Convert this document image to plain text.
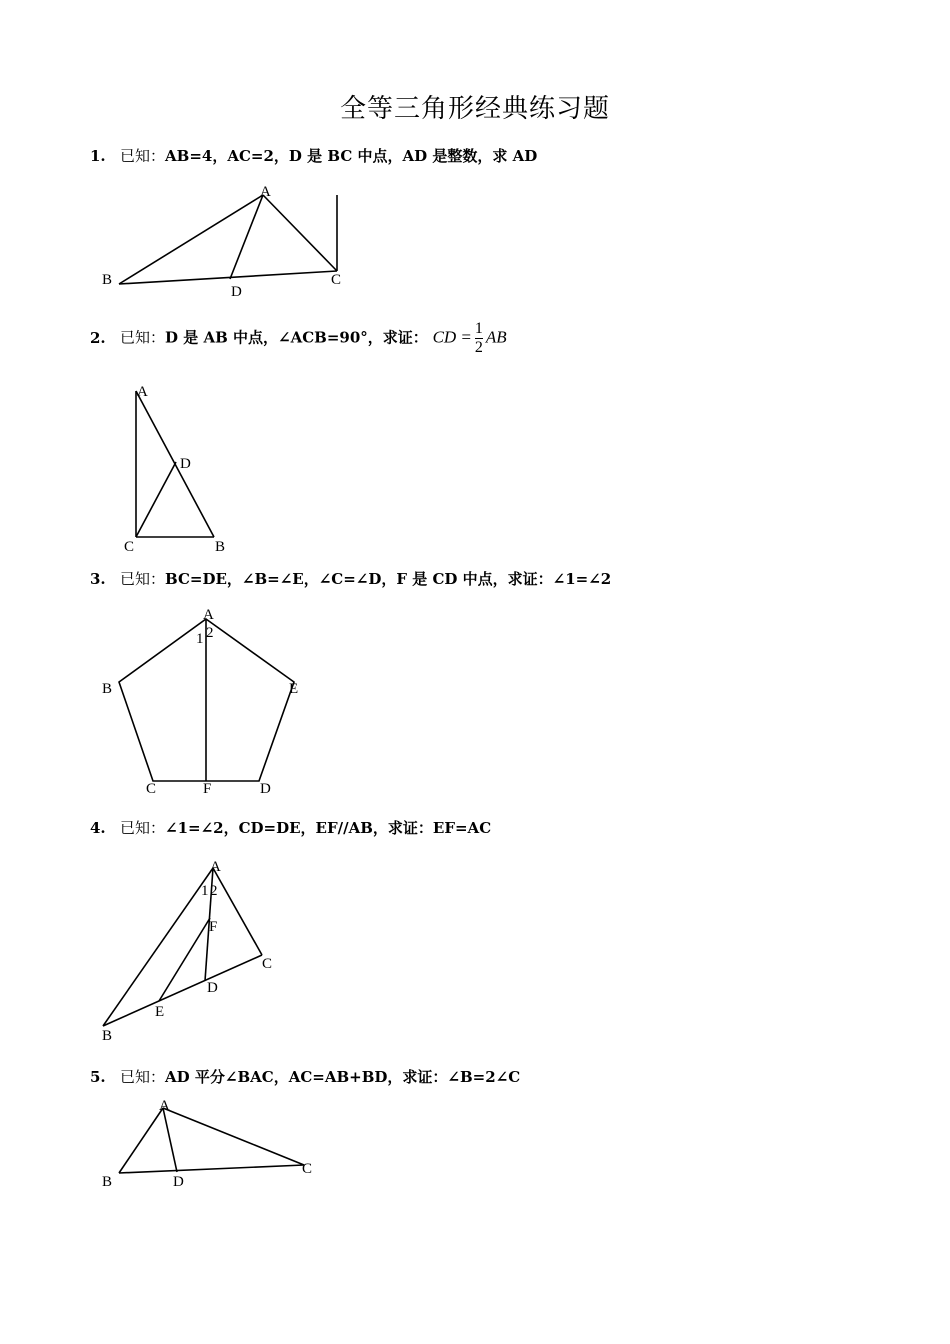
全等三角形经典练习题
1. 已知：AB=4，AC=2，D 是 BC 中点，AD 是整数，求 AD
A
B	C
D
2. 已知：D 是 AB 中点，∠ACB=90°，求证： CD = $\frac{1}{2}$ AB
A
D
C	B
3. 已知：BC=DE，∠B=∠E，∠C=∠D，F 是 CD 中点，求证：∠1=∠2
A
1 2
B	E
C	F	D
4. 已知：∠1=∠2，CD=DE，EF//AB，求证：EF=AC
A
1 2
F
C
D
E
B
5. 已知：AD 平分∠BAC，AC=AB+BD，求证：∠B=2∠C
A
B	D
C
